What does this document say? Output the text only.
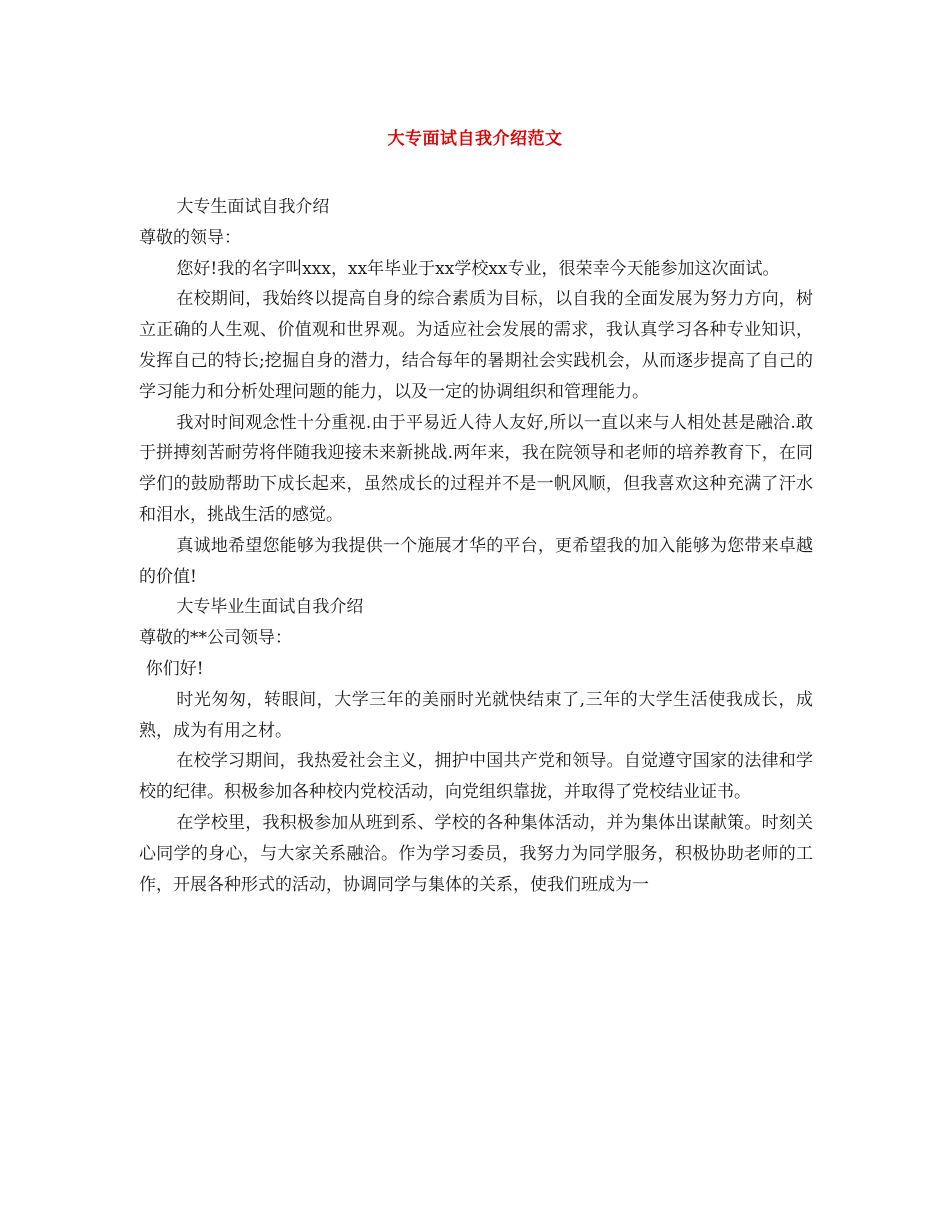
大专面试自我介绍范文

大专生面试自我介绍

尊敬的领导：

您好!我的名字叫xxx，xx年毕业于xx学校xx专业，很荣幸今天能参加这次面试。

在校期间，我始终以提高自身的综合素质为目标，以自我的全面发展为努力方向，树立正确的人生观、价值观和世界观。为适应社会发展的需求，我认真学习各种专业知识，发挥自己的特长;挖掘自身的潜力，结合每年的暑期社会实践机会，从而逐步提高了自己的学习能力和分析处理问题的能力，以及一定的协调组织和管理能力。

我对时间观念性十分重视.由于平易近人待人友好,所以一直以来与人相处甚是融洽.敢于拼搏刻苦耐劳将伴随我迎接未来新挑战.两年来，我在院领导和老师的培养教育下，在同学们的鼓励帮助下成长起来，虽然成长的过程并不是一帆风顺，但我喜欢这种充满了汗水和泪水，挑战生活的感觉。

真诚地希望您能够为我提供一个施展才华的平台，更希望我的加入能够为您带来卓越的价值!

大专毕业生面试自我介绍

尊敬的**公司领导：

你们好!

时光匆匆，转眼间，大学三年的美丽时光就快结束了,三年的大学生活使我成长，成熟，成为有用之材。

在校学习期间，我热爱社会主义，拥护中国共产党和领导。自觉遵守国家的法律和学校的纪律。积极参加各种校内党校活动，向党组织靠拢，并取得了党校结业证书。

在学校里，我积极参加从班到系、学校的各种集体活动，并为集体出谋献策。时刻关心同学的身心，与大家关系融洽。作为学习委员，我努力为同学服务，积极协助老师的工作，开展各种形式的活动，协调同学与集体的关系，使我们班成为一
